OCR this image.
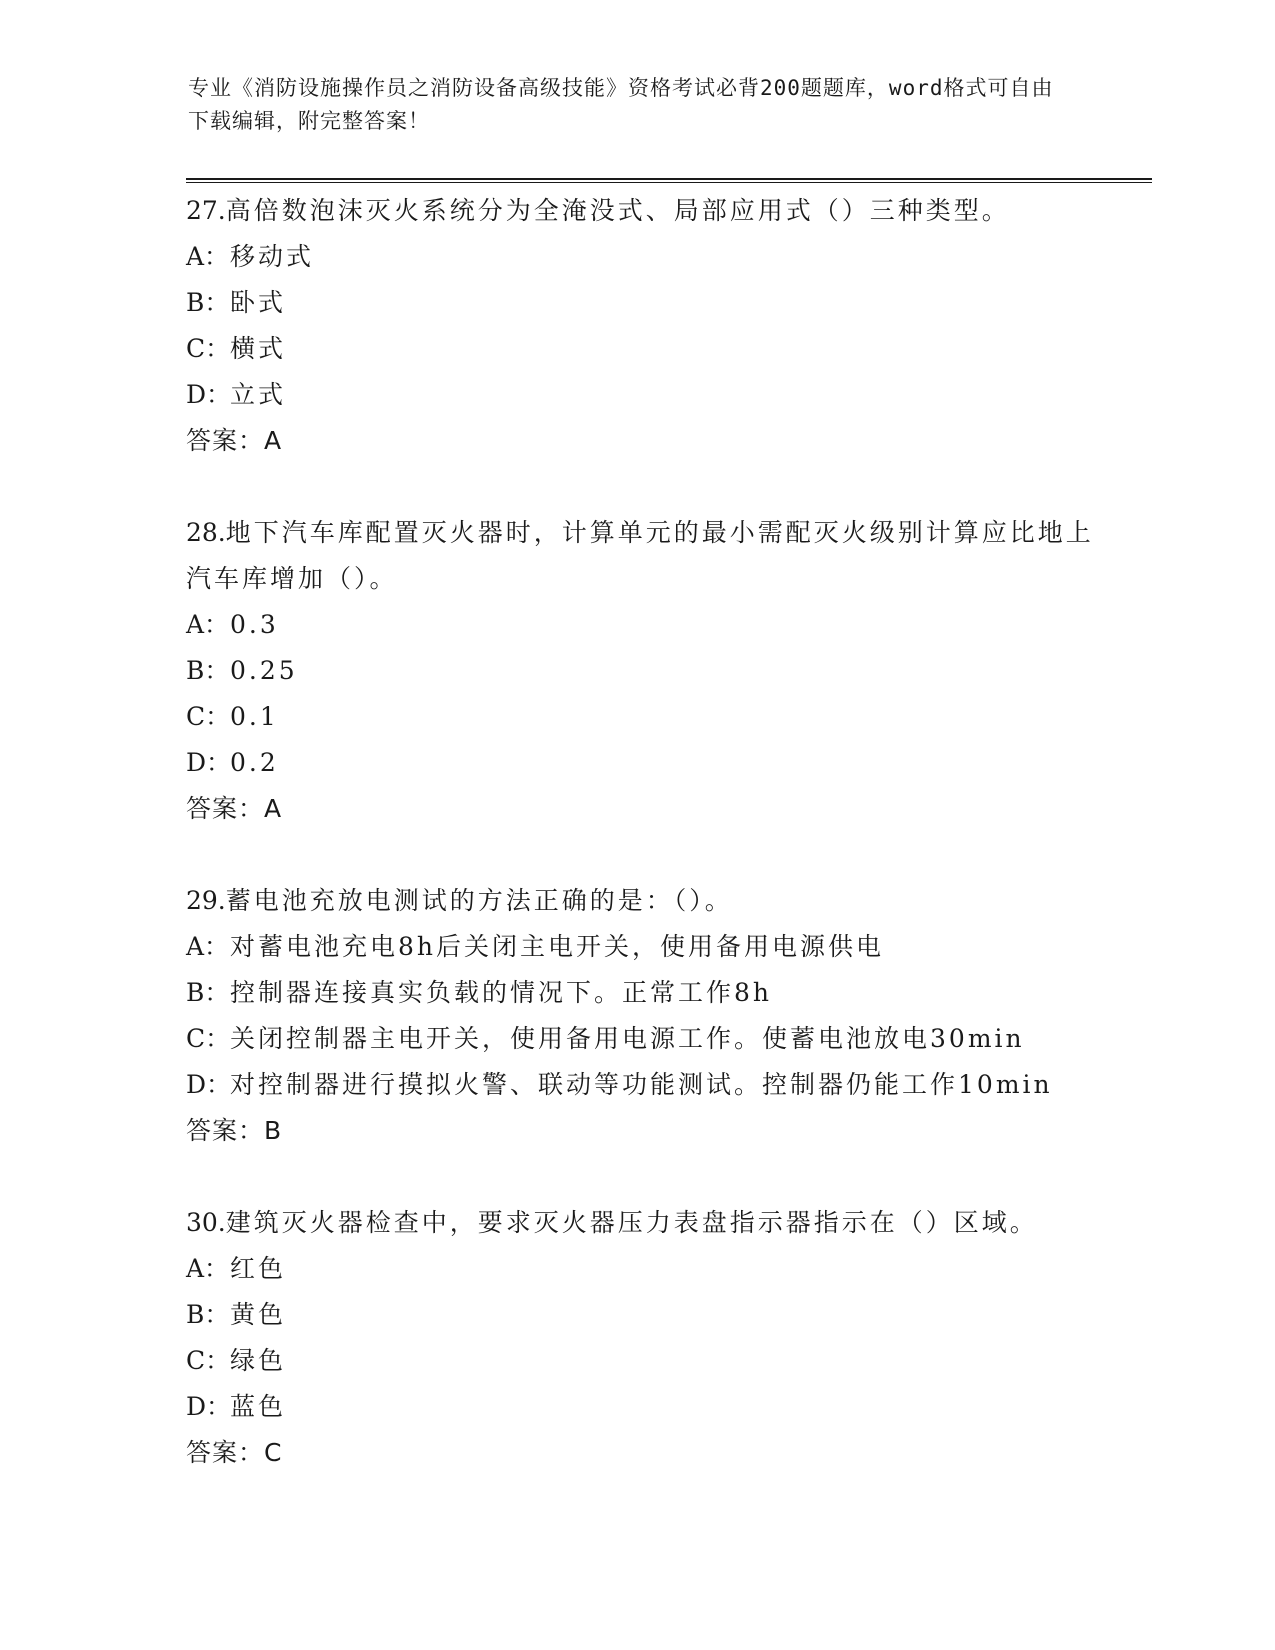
专业《消防设施操作员之消防设备高级技能》资格考试必背200题题库，word格式可自由下载编辑，附完整答案！

27.高倍数泡沫灭火系统分为全淹没式、局部应用式（）三种类型。

A：移动式

B：卧式

C：横式

D：立式

答案：A

28.地下汽车库配置灭火器时，计算单元的最小需配灭火级别计算应比地上汽车库增加（）。

A：0.3

B：0.25

C：0.1

D：0.2

答案：A

29.蓄电池充放电测试的方法正确的是：（）。

A：对蓄电池充电8h后关闭主电开关，使用备用电源供电

B：控制器连接真实负载的情况下。正常工作8h

C：关闭控制器主电开关，使用备用电源工作。使蓄电池放电30min

D：对控制器进行摸拟火警、联动等功能测试。控制器仍能工作10min

答案：B

30.建筑灭火器检查中，要求灭火器压力表盘指示器指示在（）区域。

A：红色

B：黄色

C：绿色

D：蓝色

答案：C
